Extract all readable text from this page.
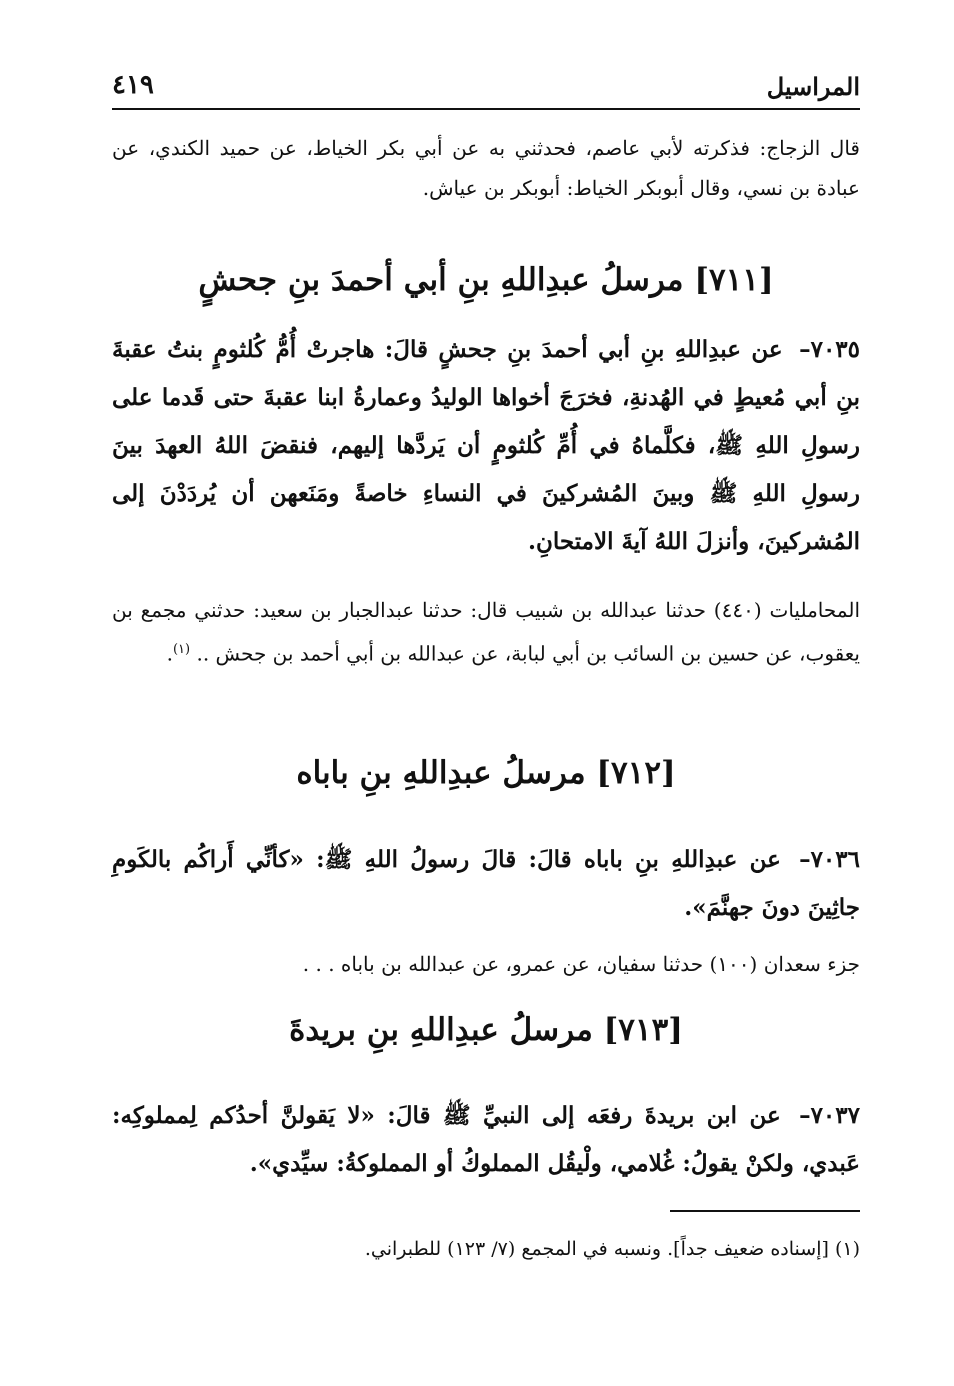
المراسيل
٤١٩
قال الزجاج: فذكرته لأبي عاصم، فحدثني به عن أبي بكر الخياط، عن حميد الكندي، عن عبادة بن نسي، وقال أبوبكر الخياط: أبوبكر بن عياش.
[٧١١] مرسلُ عبدِاللهِ بنِ أبي أحمدَ بنِ جحشٍ
٧٠٣٥– عن عبدِاللهِ بنِ أبي أحمدَ بنِ جحشٍ قالَ: هاجرتْ أُمُّ كُلثومٍ بنتُ عقبةَ بنِ أبي مُعيطٍ في الهُدنةِ، فخرَجَ أخواها الوليدُ وعمارةُ ابنا عقبةَ حتى قَدما على رسولِ اللهِ ﷺ، فكلَّماهُ في أُمِّ كُلثومٍ أن يَردَّها إليهم، فنقضَ اللهُ العهدَ بينَ رسولِ اللهِ ﷺ وبينَ المُشركينَ في النساءِ خاصةً ومَنَعهن أن يُردَدْنَ إلى المُشركينَ، وأنزلَ اللهُ آيةَ الامتحانِ.
المحامليات (٤٤٠) حدثنا عبدالله بن شبيب قال: حدثنا عبدالجبار بن سعيد: حدثني مجمع بن يعقوب، عن حسين بن السائب بن أبي لبابة، عن عبدالله بن أبي أحمد بن جحش .. $^{(١)}$.
[٧١٢] مرسلُ عبدِاللهِ بنِ باباه
٧٠٣٦– عن عبدِاللهِ بنِ باباه قالَ: قالَ رسولُ اللهِ ﷺ: «كأنِّي أَراكُم بالكَومِ جاثِينَ دونَ جهنَّمَ».
جزء سعدان (١٠٠) حدثنا سفيان، عن عمرو، عن عبدالله بن باباه . . .
[٧١٣] مرسلُ عبدِاللهِ بنِ بريدةَ
٧٠٣٧– عن ابن بريدةَ رفعَه إلى النبيِّ ﷺ قالَ: «لا يَقولنَّ أحدُكم لِمملوكِه: عَبدي، ولكنْ يقولُ: غُلامي، ولْيقُل المملوكُ أو المملوكةُ: سيِّدي».
(١) [إسناده ضعيف جداً]. ونسبه في المجمع (٧/ ١٢٣) للطبراني.
